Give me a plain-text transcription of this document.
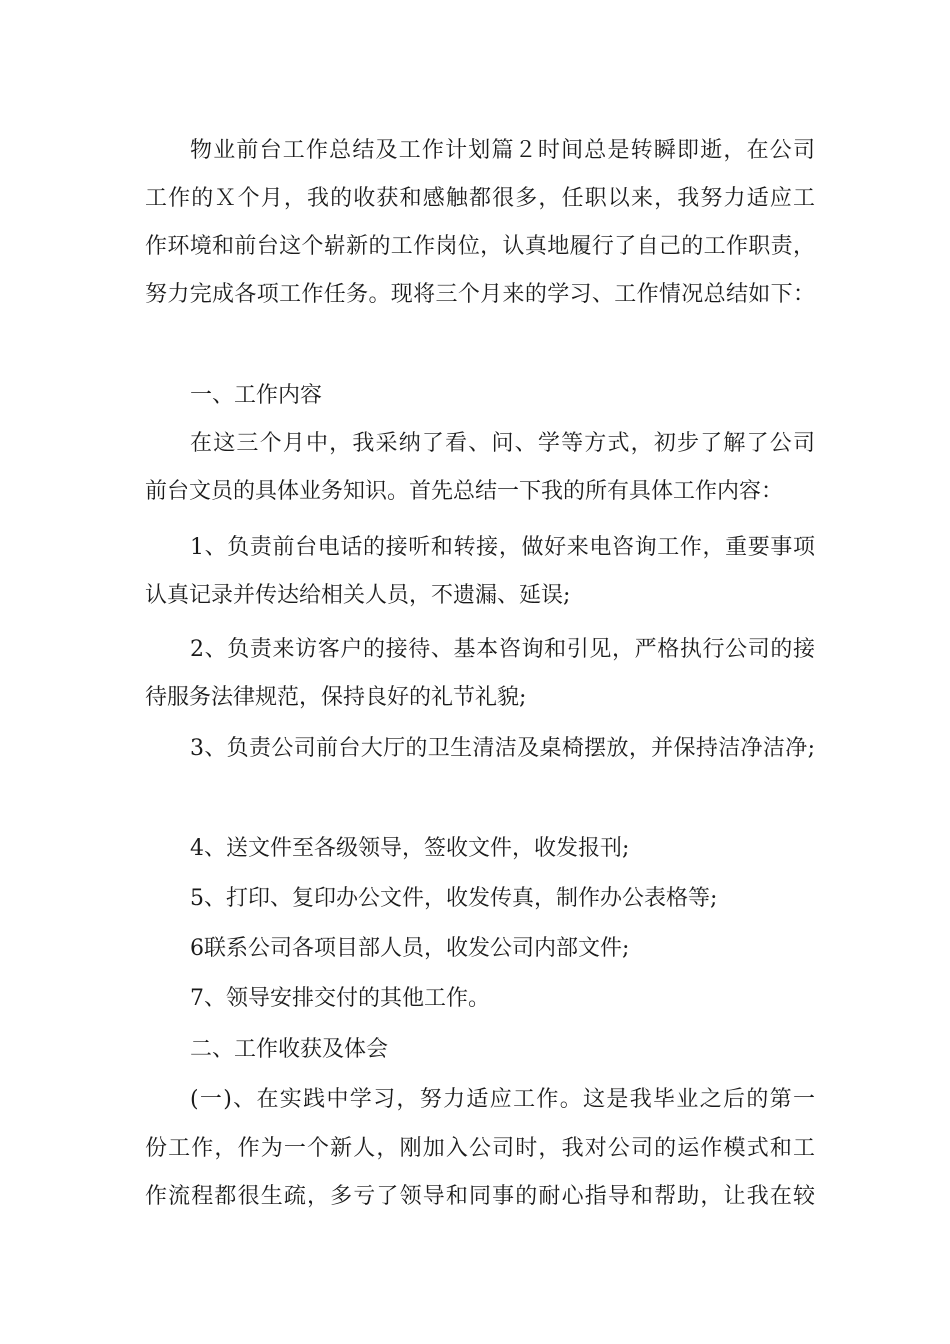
物业前台工作总结及工作计划篇２时间总是转瞬即逝，在公司
工作的Ｘ个月，我的收获和感触都很多，任职以来，我努力适应工
作环境和前台这个崭新的工作岗位，认真地履行了自己的工作职责，
努力完成各项工作任务。现将三个月来的学习、工作情况总结如下：
一、工作内容
在这三个月中，我采纳了看、问、学等方式，初步了解了公司
前台文员的具体业务知识。首先总结一下我的所有具体工作内容：
1、负责前台电话的接听和转接，做好来电咨询工作，重要事项
认真记录并传达给相关人员，不遗漏、延误;
2、负责来访客户的接待、基本咨询和引见，严格执行公司的接
待服务法律规范，保持良好的礼节礼貌;
3、负责公司前台大厅的卫生清洁及桌椅摆放，并保持洁净洁净;
4、送文件至各级领导，签收文件，收发报刊;
5、打印、复印办公文件，收发传真，制作办公表格等;
6联系公司各项目部人员，收发公司内部文件;
7、领导安排交付的其他工作。
二、工作收获及体会
(一)、在实践中学习，努力适应工作。这是我毕业之后的第一
份工作，作为一个新人，刚加入公司时，我对公司的运作模式和工
作流程都很生疏，多亏了领导和同事的耐心指导和帮助，让我在较
